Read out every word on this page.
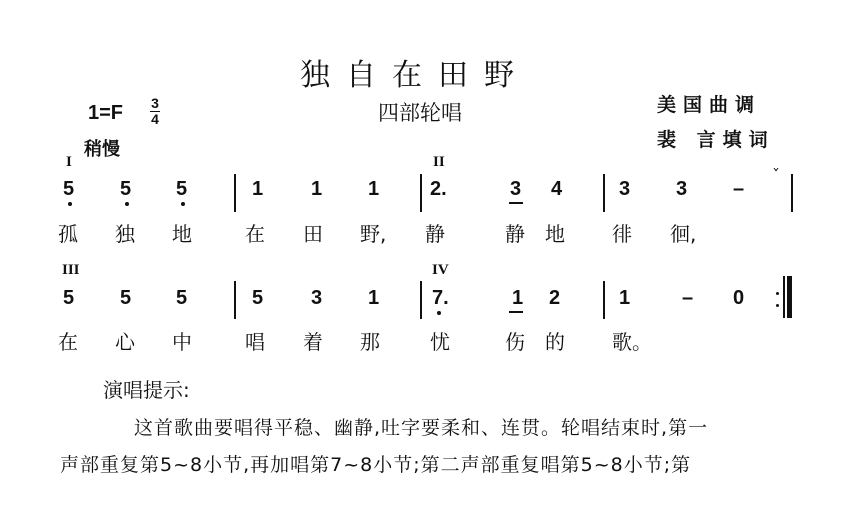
独自在田野
1=F 3
4	四部轮唱	美国曲调
裴 言填词
稍慢
I	II
5 5 5	1 1 1	2.	3 4	3 3 –
ˇ
孤 独 地	在 田 野, 静	静 地 徘 徊,
III	IV
5 5 5	5 3 1	7.	1 2	1	– 0
在 心 中	唱 着 那	忧	伤 的 歌。
演唱提示:
这首歌曲要唱得平稳、幽静,吐字要柔和、连贯。轮唱结束时,第一
声部重复第5~8小节,再加唱第7~8小节;第二声部重复唱第5~8小节;第
